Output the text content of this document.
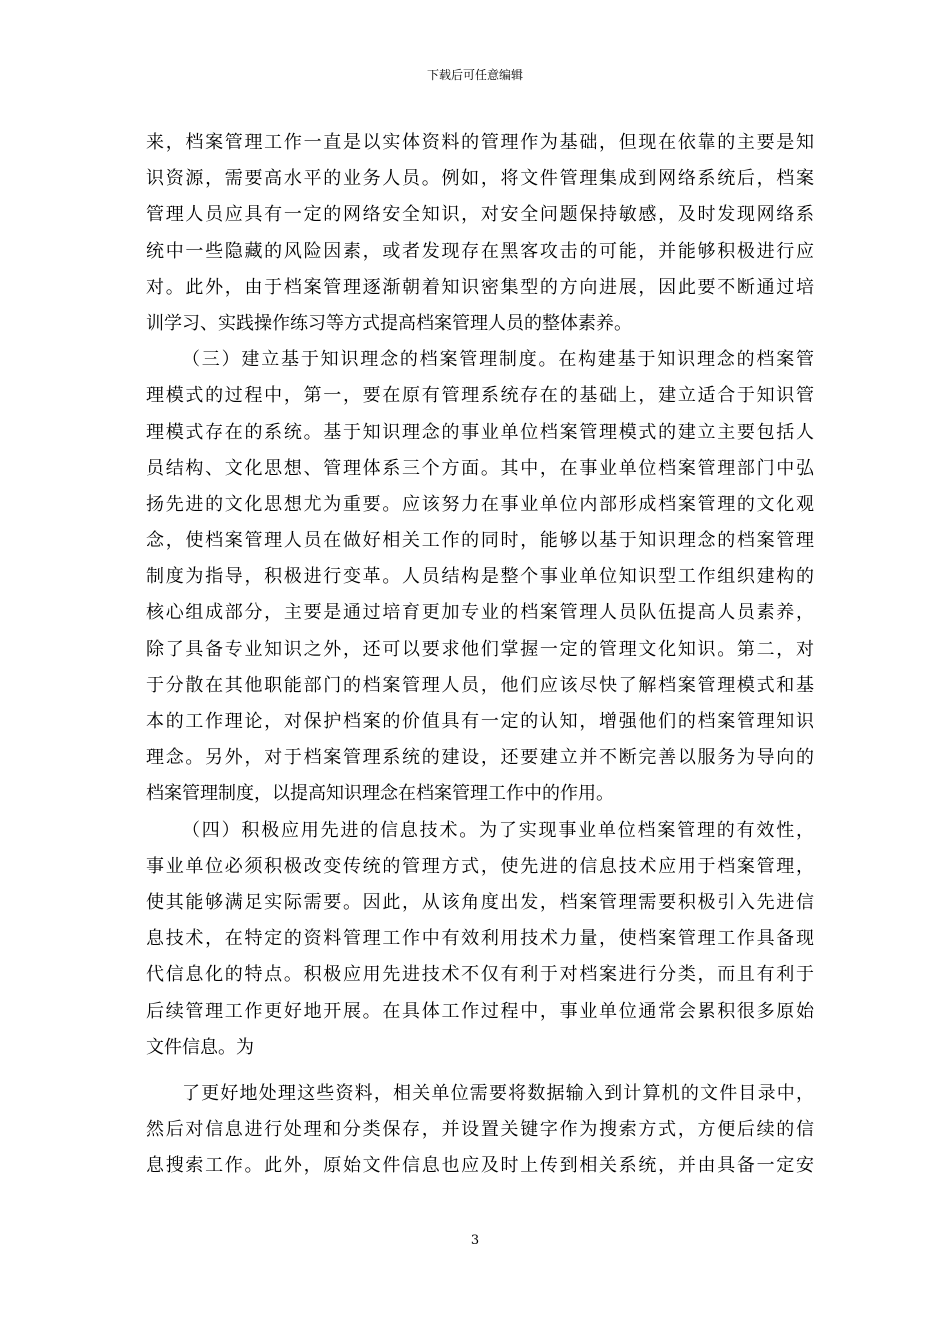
下载后可任意编辑
来，档案管理工作一直是以实体资料的管理作为基础，但现在依靠的主要是知
识资源，需要高水平的业务人员。例如，将文件管理集成到网络系统后，档案
管理人员应具有一定的网络安全知识，对安全问题保持敏感，及时发现网络系
统中一些隐藏的风险因素，或者发现存在黑客攻击的可能，并能够积极进行应
对。此外，由于档案管理逐渐朝着知识密集型的方向进展，因此要不断通过培
训学习、实践操作练习等方式提高档案管理人员的整体素养。
（三）建立基于知识理念的档案管理制度。在构建基于知识理念的档案管
理模式的过程中，第一，要在原有管理系统存在的基础上，建立适合于知识管
理模式存在的系统。基于知识理念的事业单位档案管理模式的建立主要包括人
员结构、文化思想、管理体系三个方面。其中，在事业单位档案管理部门中弘
扬先进的文化思想尤为重要。应该努力在事业单位内部形成档案管理的文化观
念，使档案管理人员在做好相关工作的同时，能够以基于知识理念的档案管理
制度为指导，积极进行变革。人员结构是整个事业单位知识型工作组织建构的
核心组成部分，主要是通过培育更加专业的档案管理人员队伍提高人员素养，
除了具备专业知识之外，还可以要求他们掌握一定的管理文化知识。第二，对
于分散在其他职能部门的档案管理人员，他们应该尽快了解档案管理模式和基
本的工作理论，对保护档案的价值具有一定的认知，增强他们的档案管理知识
理念。另外，对于档案管理系统的建设，还要建立并不断完善以服务为导向的
档案管理制度，以提高知识理念在档案管理工作中的作用。
（四）积极应用先进的信息技术。为了实现事业单位档案管理的有效性，
事业单位必须积极改变传统的管理方式，使先进的信息技术应用于档案管理，
使其能够满足实际需要。因此，从该角度出发，档案管理需要积极引入先进信
息技术，在特定的资料管理工作中有效利用技术力量，使档案管理工作具备现
代信息化的特点。积极应用先进技术不仅有利于对档案进行分类，而且有利于
后续管理工作更好地开展。在具体工作过程中，事业单位通常会累积很多原始
文件信息。为
了更好地处理这些资料，相关单位需要将数据输入到计算机的文件目录中，
然后对信息进行处理和分类保存，并设置关键字作为搜索方式，方便后续的信
息搜索工作。此外，原始文件信息也应及时上传到相关系统，并由具备一定安
3
